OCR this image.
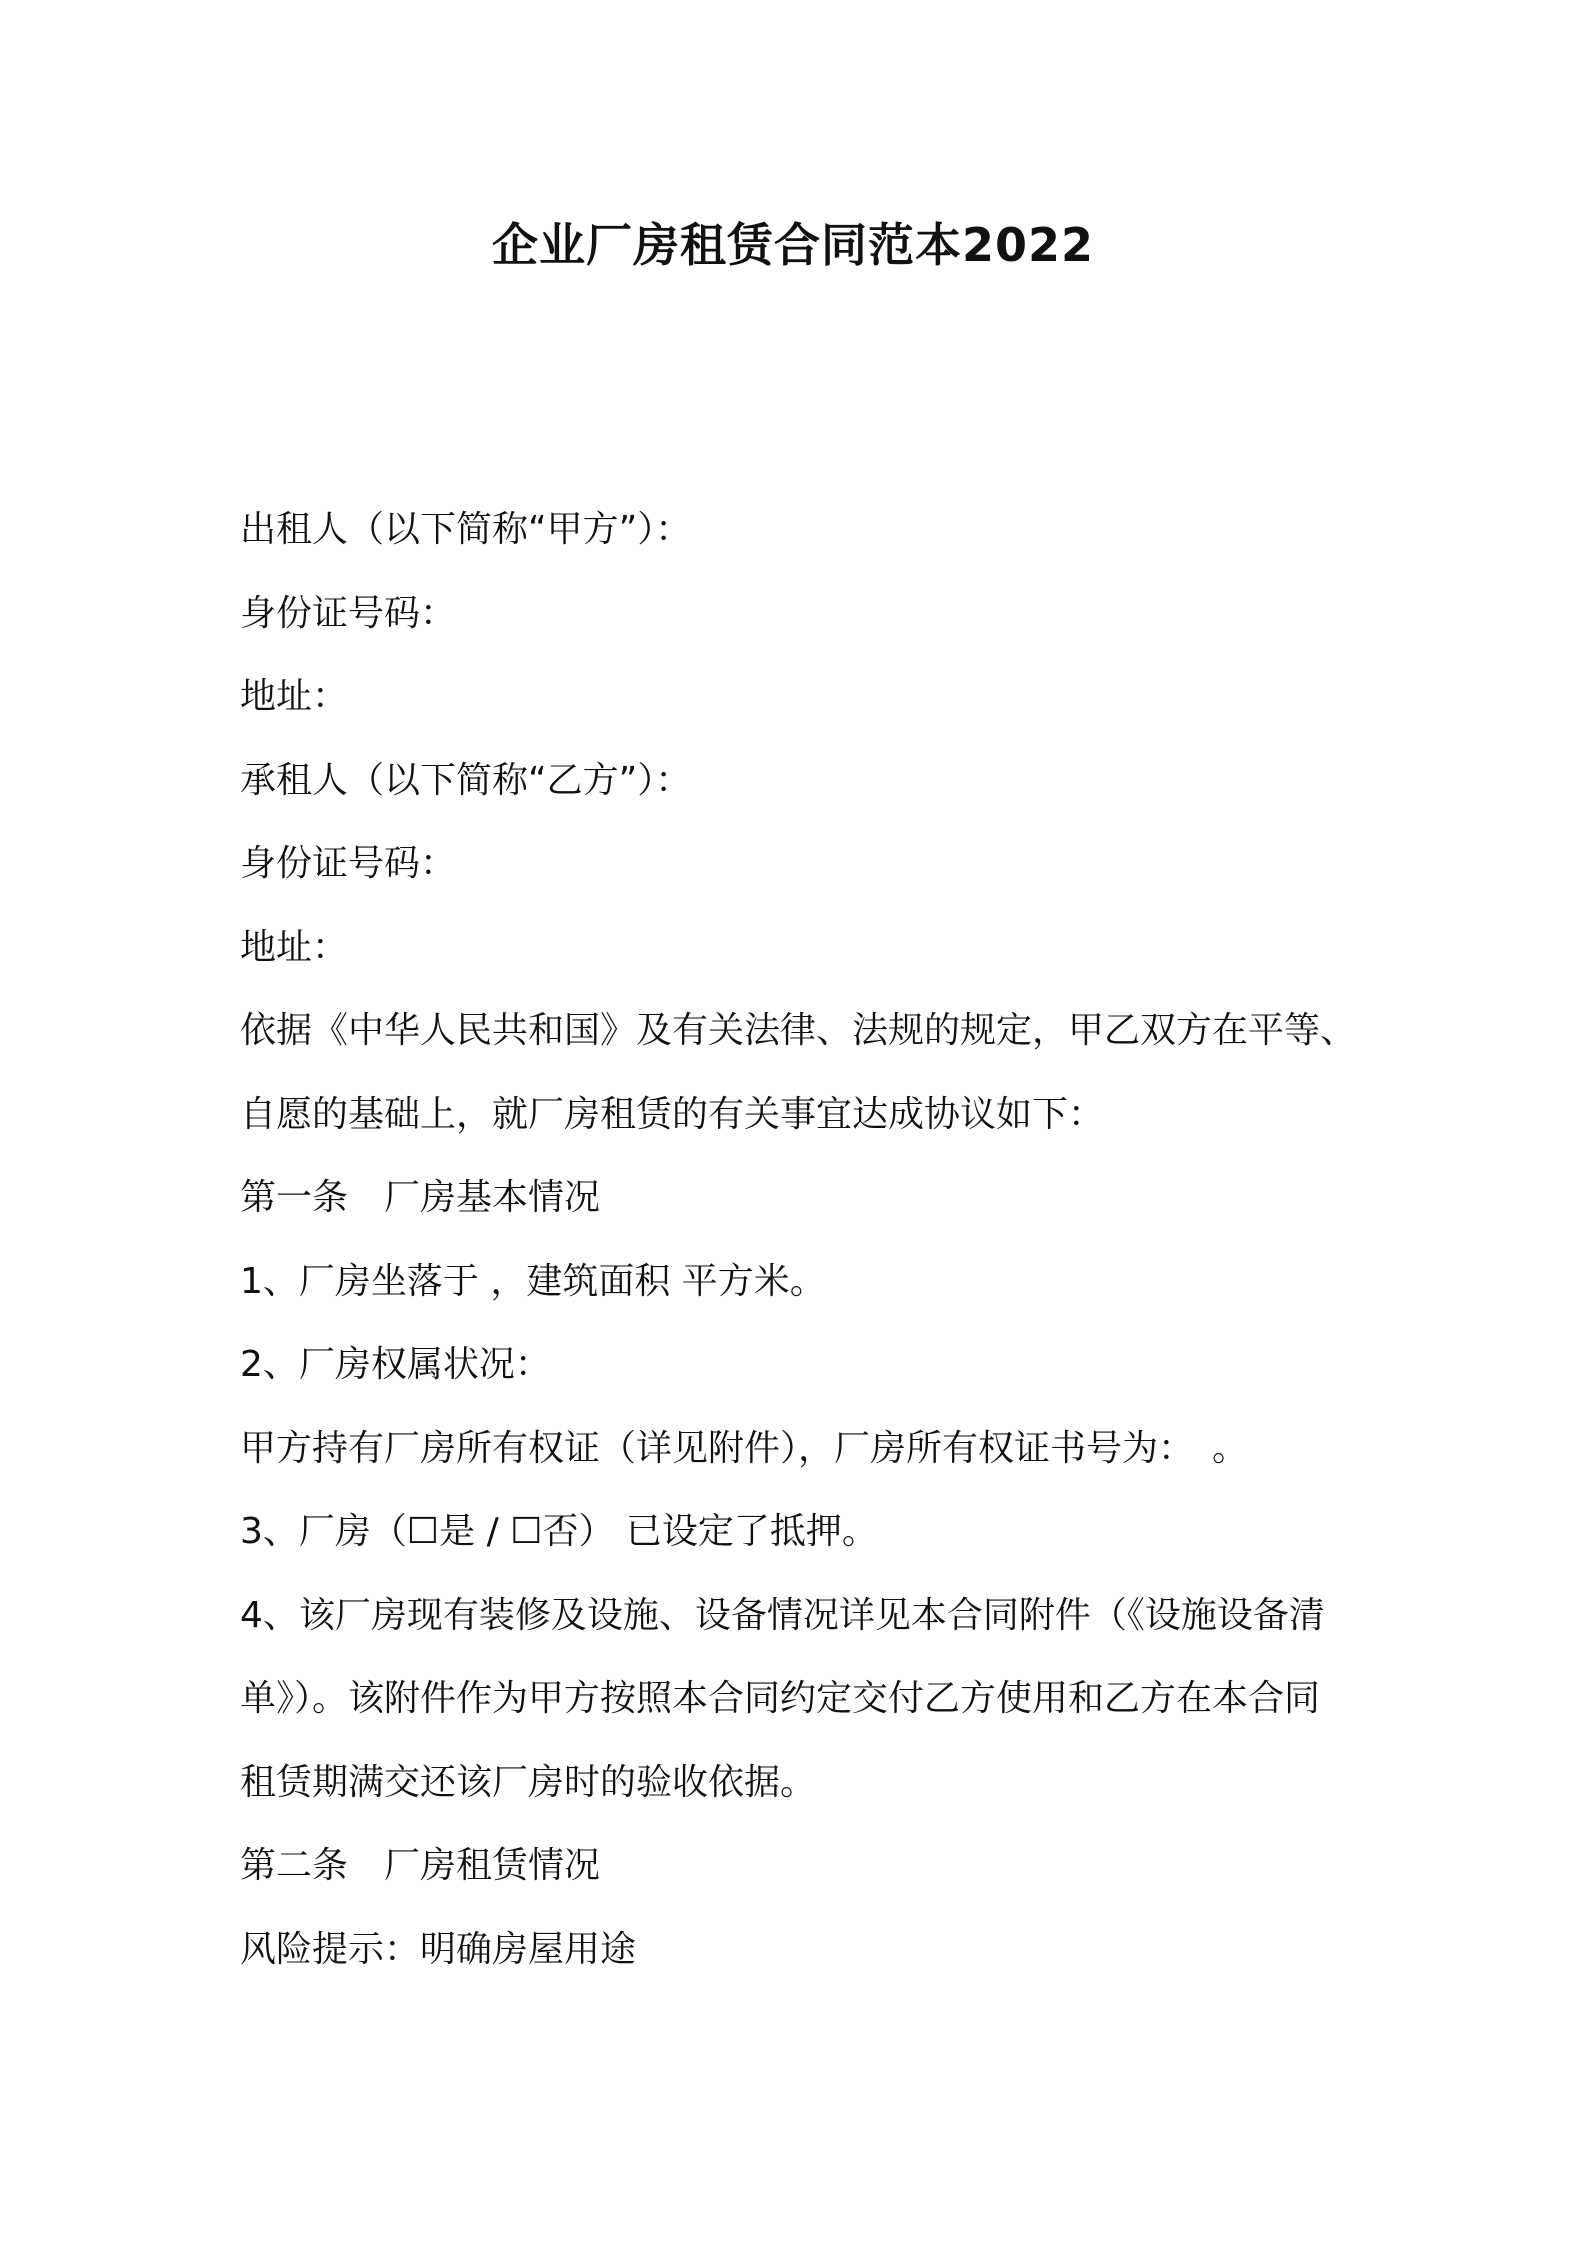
企业厂房租赁合同范本2022

出租人（以下简称“甲方”）：

身份证号码：

地址：

承租人（以下简称“乙方”）：

身份证号码：

地址：

依据《中华人民共和国》及有关法律、法规的规定，甲乙双方在平等、

自愿的基础上，就厂房租赁的有关事宜达成协议如下：

第一条　厂房基本情况

1、厂房坐落于 ，建筑面积 平方米。

2、厂房权属状况：

甲方持有厂房所有权证（详见附件），厂房所有权证书号为：　。

3、厂房（☐是 / ☐否） 已设定了抵押。

4、该厂房现有装修及设施、设备情况详见本合同附件（《设施设备清

单》）。该附件作为甲方按照本合同约定交付乙方使用和乙方在本合同

租赁期满交还该厂房时的验收依据。

第二条　厂房租赁情况

风险提示：明确房屋用途
